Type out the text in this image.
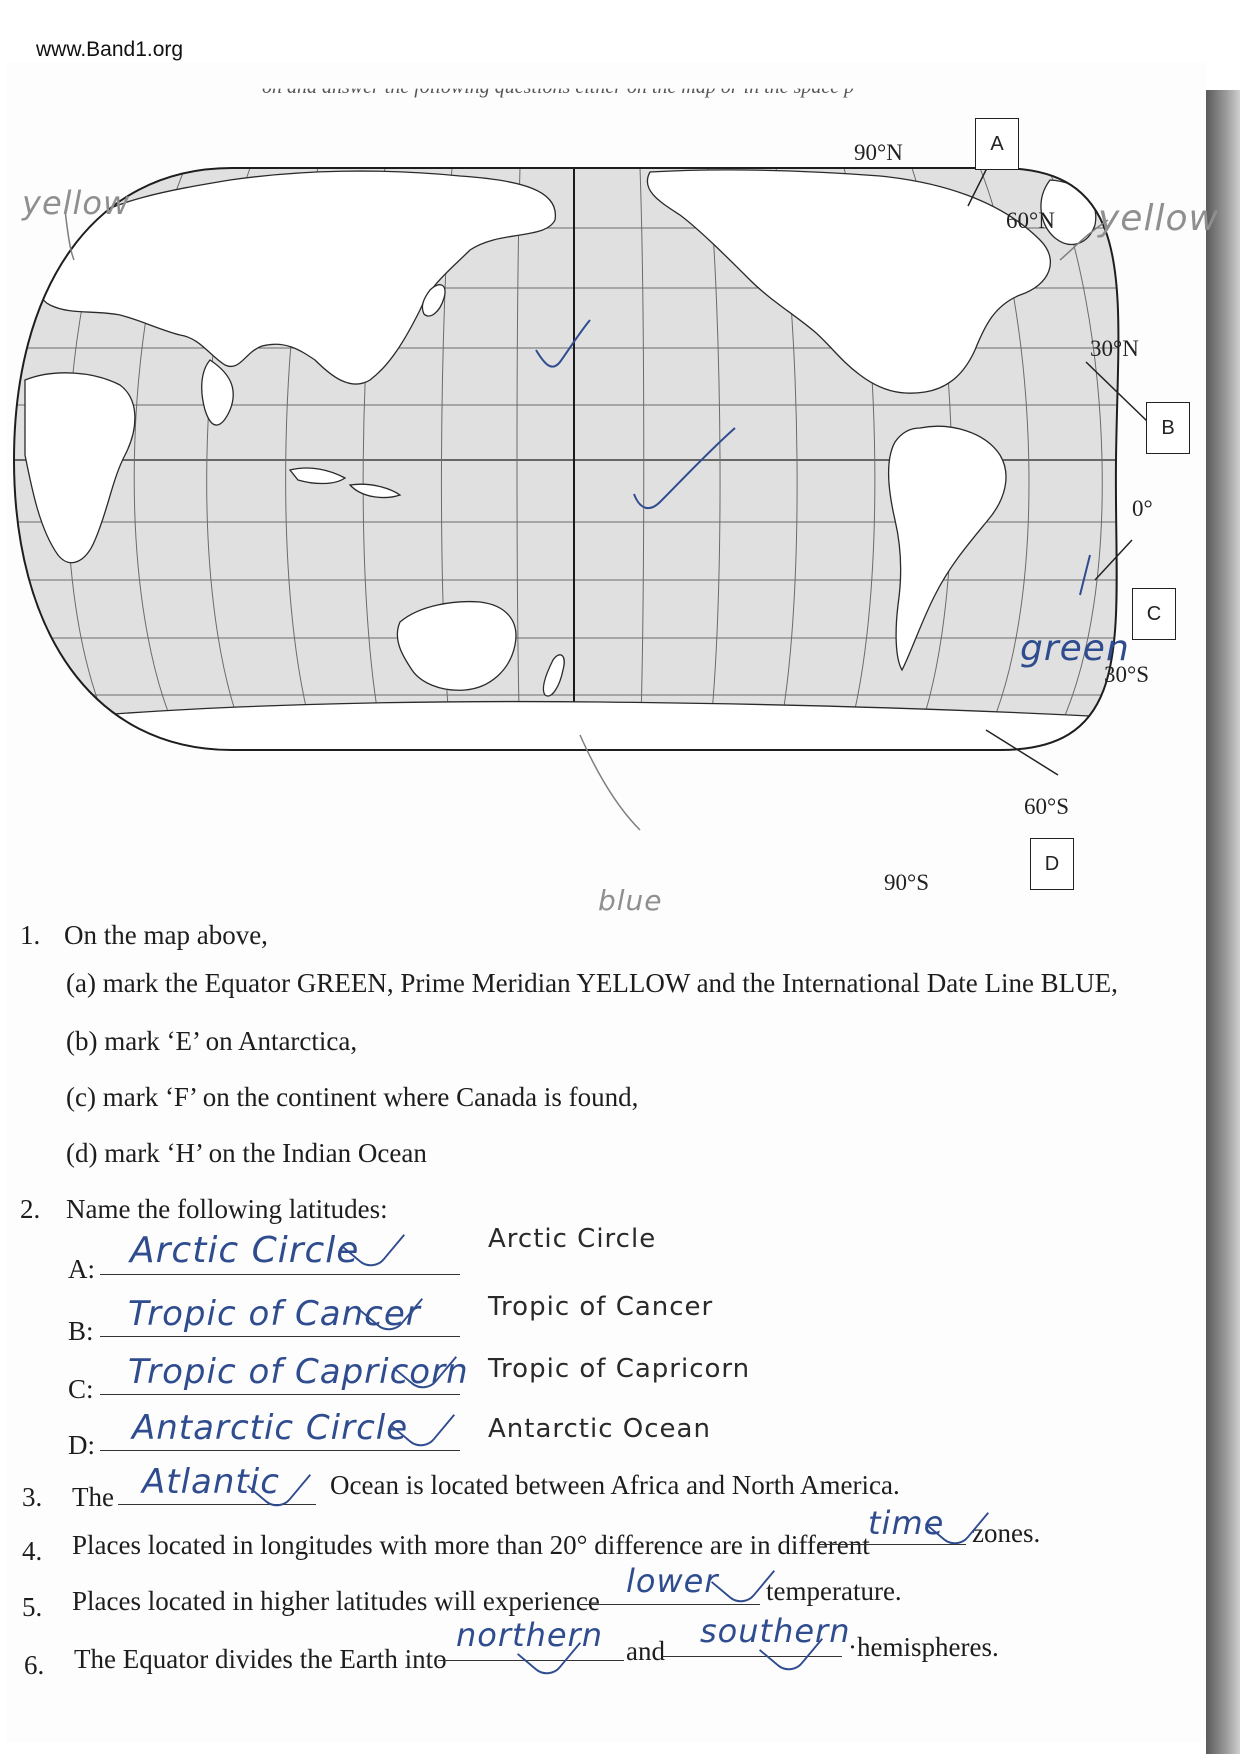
www.Band1.org
90°N
60°N
30°N
0°
30°S
60°S
90°S
A
B
C
D
yellow	yellow
green
blue
1. On the map above,
(a) mark the Equator GREEN, Prime Meridian YELLOW and the International Date Line BLUE,
(b) mark ‘E’ on Antarctica,
(c) mark ‘F’ on the continent where Canada is found,
(d) mark ‘H’ on the Indian Ocean
2. Name the following latitudes:
A: Arctic Circle	Arctic Circle
B: Tropic of Cancer	Tropic of Cancer
C: Tropic of Capricorn Tropic of Capricorn
D: Antarctic Circle	Antarctic Ocean
3. The Atlantic Ocean is located between Africa and North America.
4. Places located in longitudes with more than 20° difference are in different
time zones.
5. Places located in higher latitudes will experience
lower temperature.
6. The Equator divides the Earth into
northern and
southern
·hemispheres.
